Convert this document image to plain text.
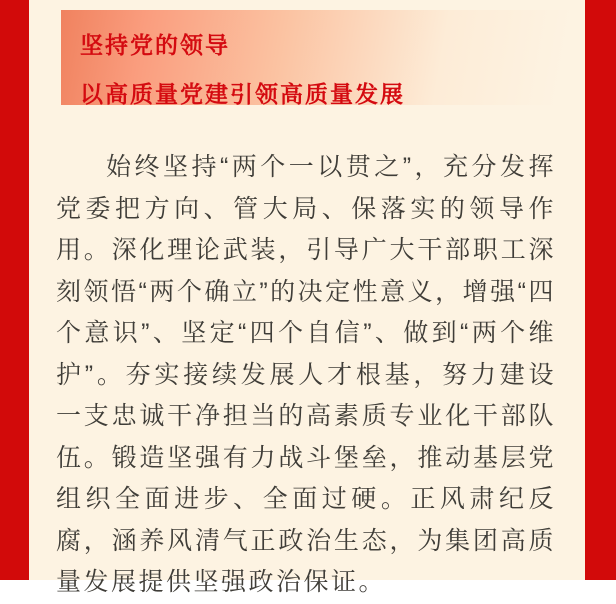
坚持党的领导
以高质量党建引领高质量发展

始终坚持“两个一以贯之”，充分发挥党委把方向、管大局、保落实的领导作用。深化理论武装，引导广大干部职工深刻领悟“两个确立”的决定性意义，增强“四个意识”、坚定“四个自信”、做到“两个维护”。夯实接续发展人才根基，努力建设一支忠诚干净担当的高素质专业化干部队伍。锻造坚强有力战斗堡垒，推动基层党组织全面进步、全面过硬。正风肃纪反腐，涵养风清气正政治生态，为集团高质量发展提供坚强政治保证。
